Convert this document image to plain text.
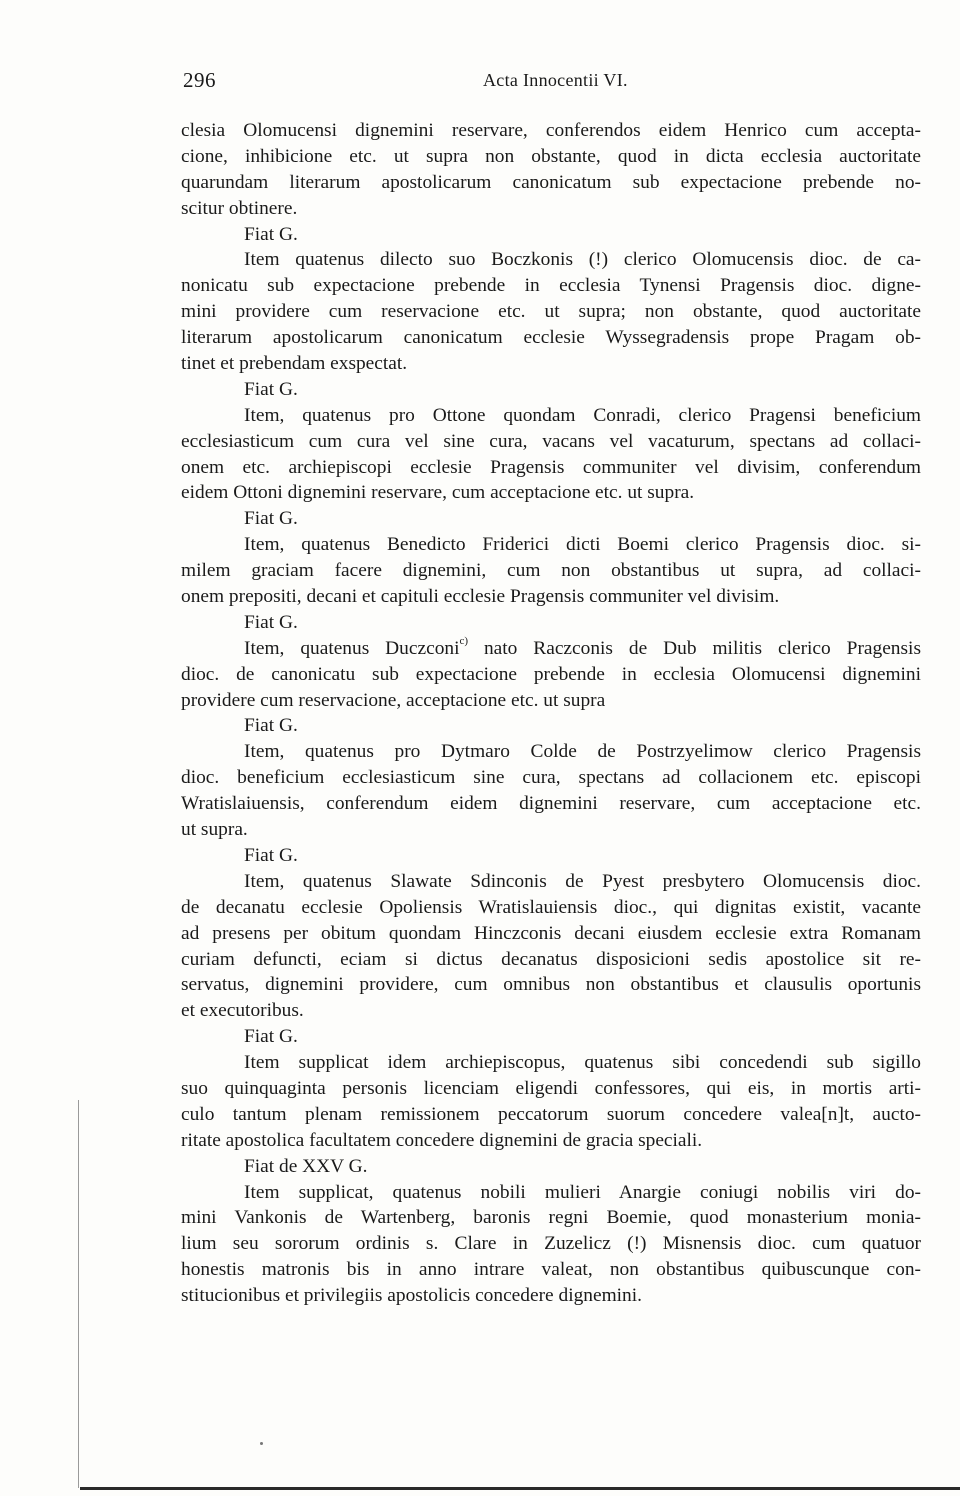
296	Acta Innocentii VI.
clesia Olomucensi dignemini reservare, conferendos eidem Henrico cum accepta-
cione, inhibicione etc. ut supra non obstante, quod in dicta ecclesia auctoritate
quarundam literarum apostolicarum canonicatum sub expectacione prebende no-
scitur obtinere.
Fiat G.
Item quatenus dilecto suo Boczkonis (!) clerico Olomucensis dioc. de ca-
nonicatu sub expectacione prebende in ecclesia Tynensi Pragensis dioc. digne-
mini providere cum reservacione etc. ut supra; non obstante, quod auctoritate
literarum apostolicarum canonicatum ecclesie Wyssegradensis prope Pragam ob-
tinet et prebendam exspectat.
Fiat G.
Item, quatenus pro Ottone quondam Conradi, clerico Pragensi beneficium
ecclesiasticum cum cura vel sine cura, vacans vel vacaturum, spectans ad collaci-
onem etc. archiepiscopi ecclesie Pragensis communiter vel divisim, conferendum
eidem Ottoni dignemini reservare, cum acceptacione etc. ut supra.
Fiat G.
Item, quatenus Benedicto Friderici dicti Boemi clerico Pragensis dioc. si-
milem graciam facere dignemini, cum non obstantibus ut supra, ad collaci-
onem prepositi, decani et capituli ecclesie Pragensis communiter vel divisim.
Fiat G.
Item, quatenus Duczconi$^{c)}$ nato Raczconis de Dub militis clerico Pragensis
dioc. de canonicatu sub expectacione prebende in ecclesia Olomucensi dignemini
providere cum reservacione, acceptacione etc. ut supra
Fiat G.
Item, quatenus pro Dytmaro Colde de Postrzyelimow clerico Pragensis
dioc. beneficium ecclesiasticum sine cura, spectans ad collacionem etc. episcopi
Wratislaiuensis, conferendum eidem dignemini reservare, cum acceptacione etc.
ut supra.
Fiat G.
Item, quatenus Slawate Sdinconis de Pyest presbytero Olomucensis dioc.
de decanatu ecclesie Opoliensis Wratislauiensis dioc., qui dignitas existit, vacante
ad presens per obitum quondam Hinczconis decani eiusdem ecclesie extra Romanam
curiam defuncti, eciam si dictus decanatus disposicioni sedis apostolice sit re-
servatus, dignemini providere, cum omnibus non obstantibus et clausulis oportunis
et executoribus.
Fiat G.
Item supplicat idem archiepiscopus, quatenus sibi concedendi sub sigillo
suo quinquaginta personis licenciam eligendi confessores, qui eis, in mortis arti-
culo tantum plenam remissionem peccatorum suorum concedere valea[n]t, aucto-
ritate apostolica facultatem concedere dignemini de gracia speciali.
Fiat de XXV G.
Item supplicat, quatenus nobili mulieri Anargie coniugi nobilis viri do-
mini Vankonis de Wartenberg, baronis regni Boemie, quod monasterium monia-
lium seu sororum ordinis s. Clare in Zuzelicz (!) Misnensis dioc. cum quatuor
honestis matronis bis in anno intrare valeat, non obstantibus quibuscunque con-
stitucionibus et privilegiis apostolicis concedere dignemini.
